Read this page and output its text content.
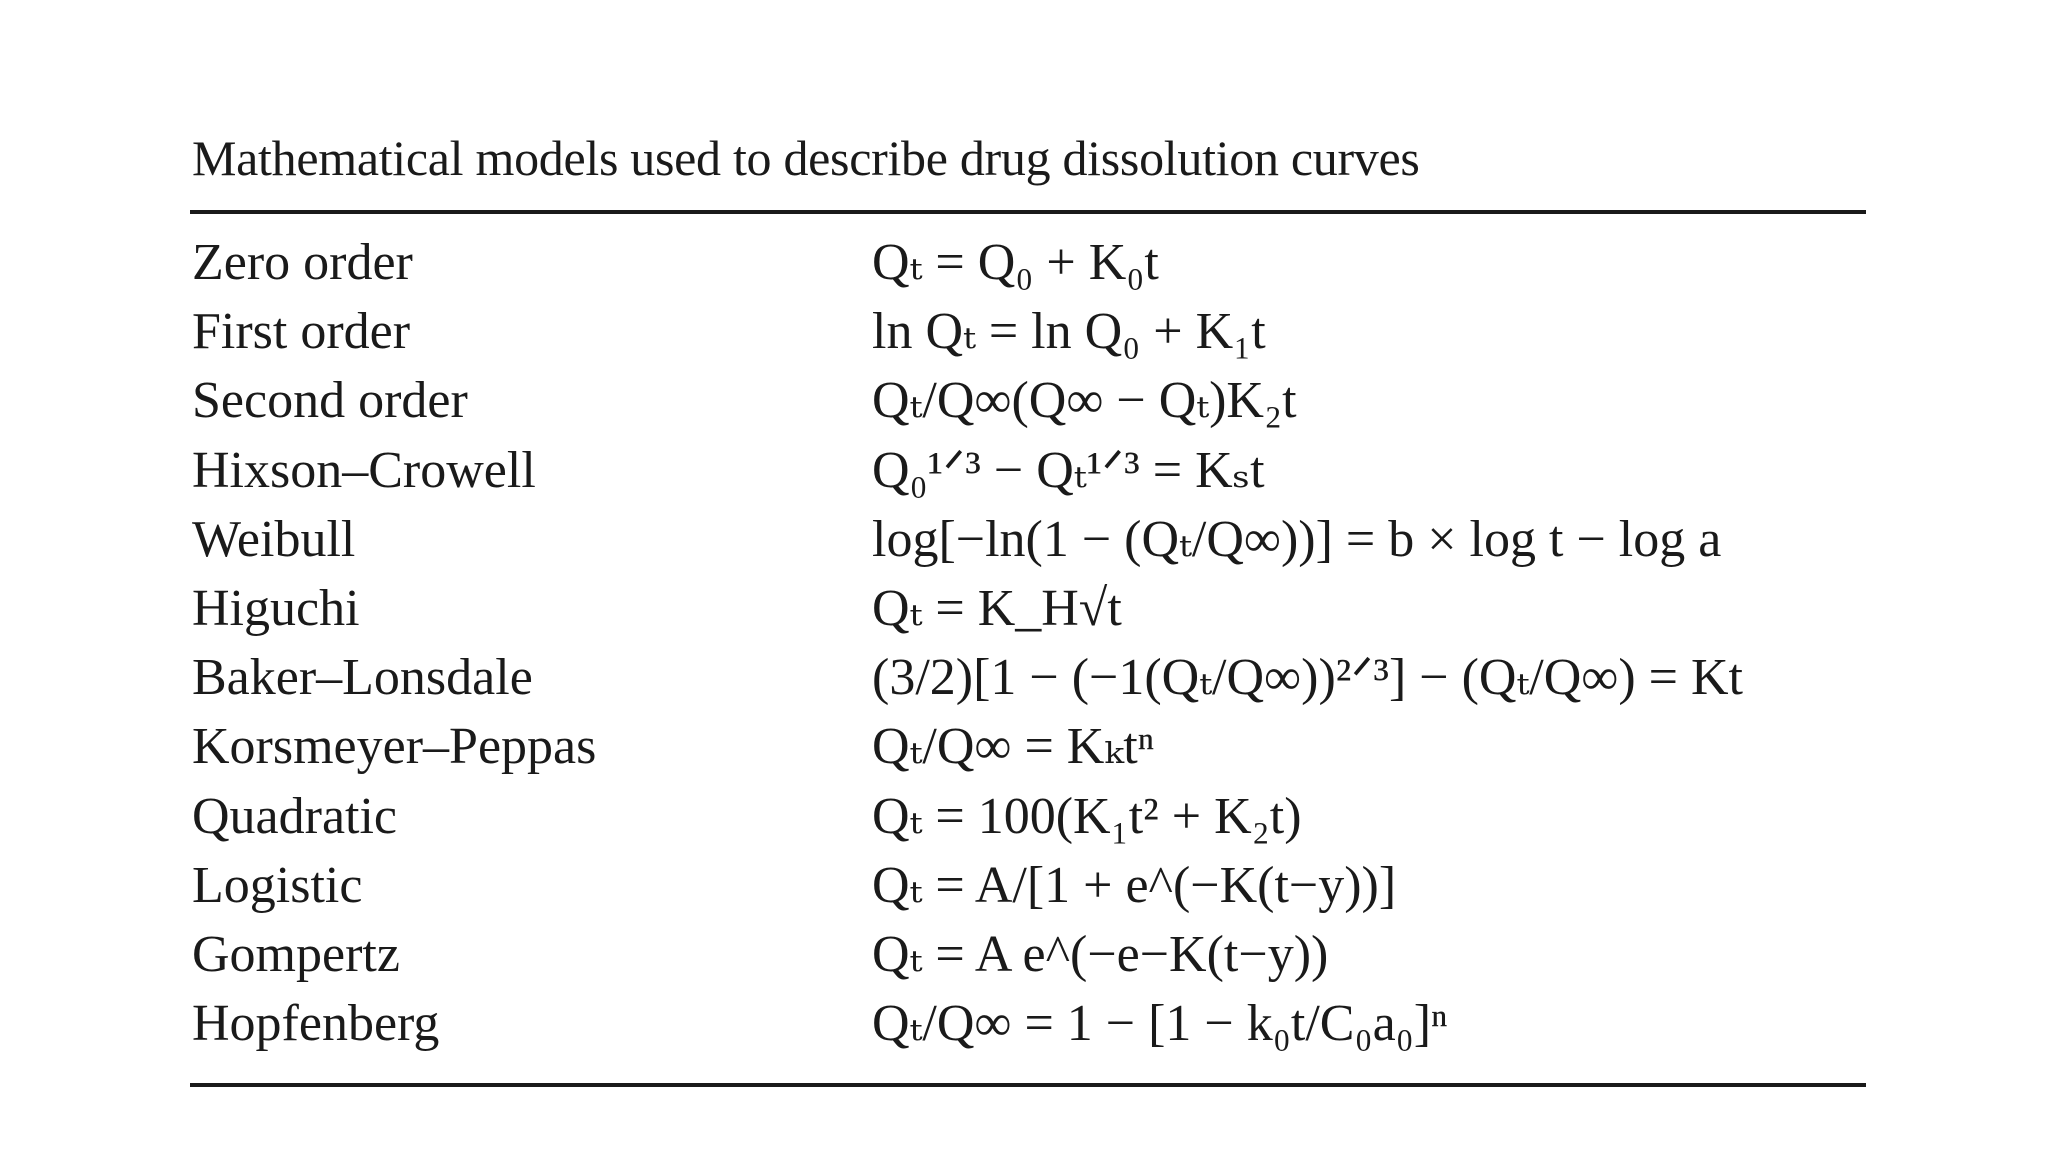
Mathematical models used to describe drug dissolution curves
Zero order	Qₜ = Q₀ + K₀t
First order	ln Qₜ = ln Q₀ + K₁t
Second order	Qₜ/Q∞(Q∞ − Qₜ)K₂t
Hixson–Crowell	Q₀¹ᐟ³ − Qₜ¹ᐟ³ = Kₛt
Weibull	log[−ln(1 − (Qₜ/Q∞))] = b × log t − log a
Higuchi	Qₜ = K_H√t
Baker–Lonsdale	(3/2)[1 − (−1(Qₜ/Q∞))²ᐟ³] − (Qₜ/Q∞) = Kt
Korsmeyer–Peppas	Qₜ/Q∞ = Kₖtⁿ
Quadratic	Qₜ = 100(K₁t² + K₂t)
Logistic	Qₜ = A/[1 + e^(−K(t−y))]
Gompertz	Qₜ = A e^(−e−K(t−y))
Hopfenberg	Qₜ/Q∞ = 1 − [1 − k₀t/C₀a₀]ⁿ
